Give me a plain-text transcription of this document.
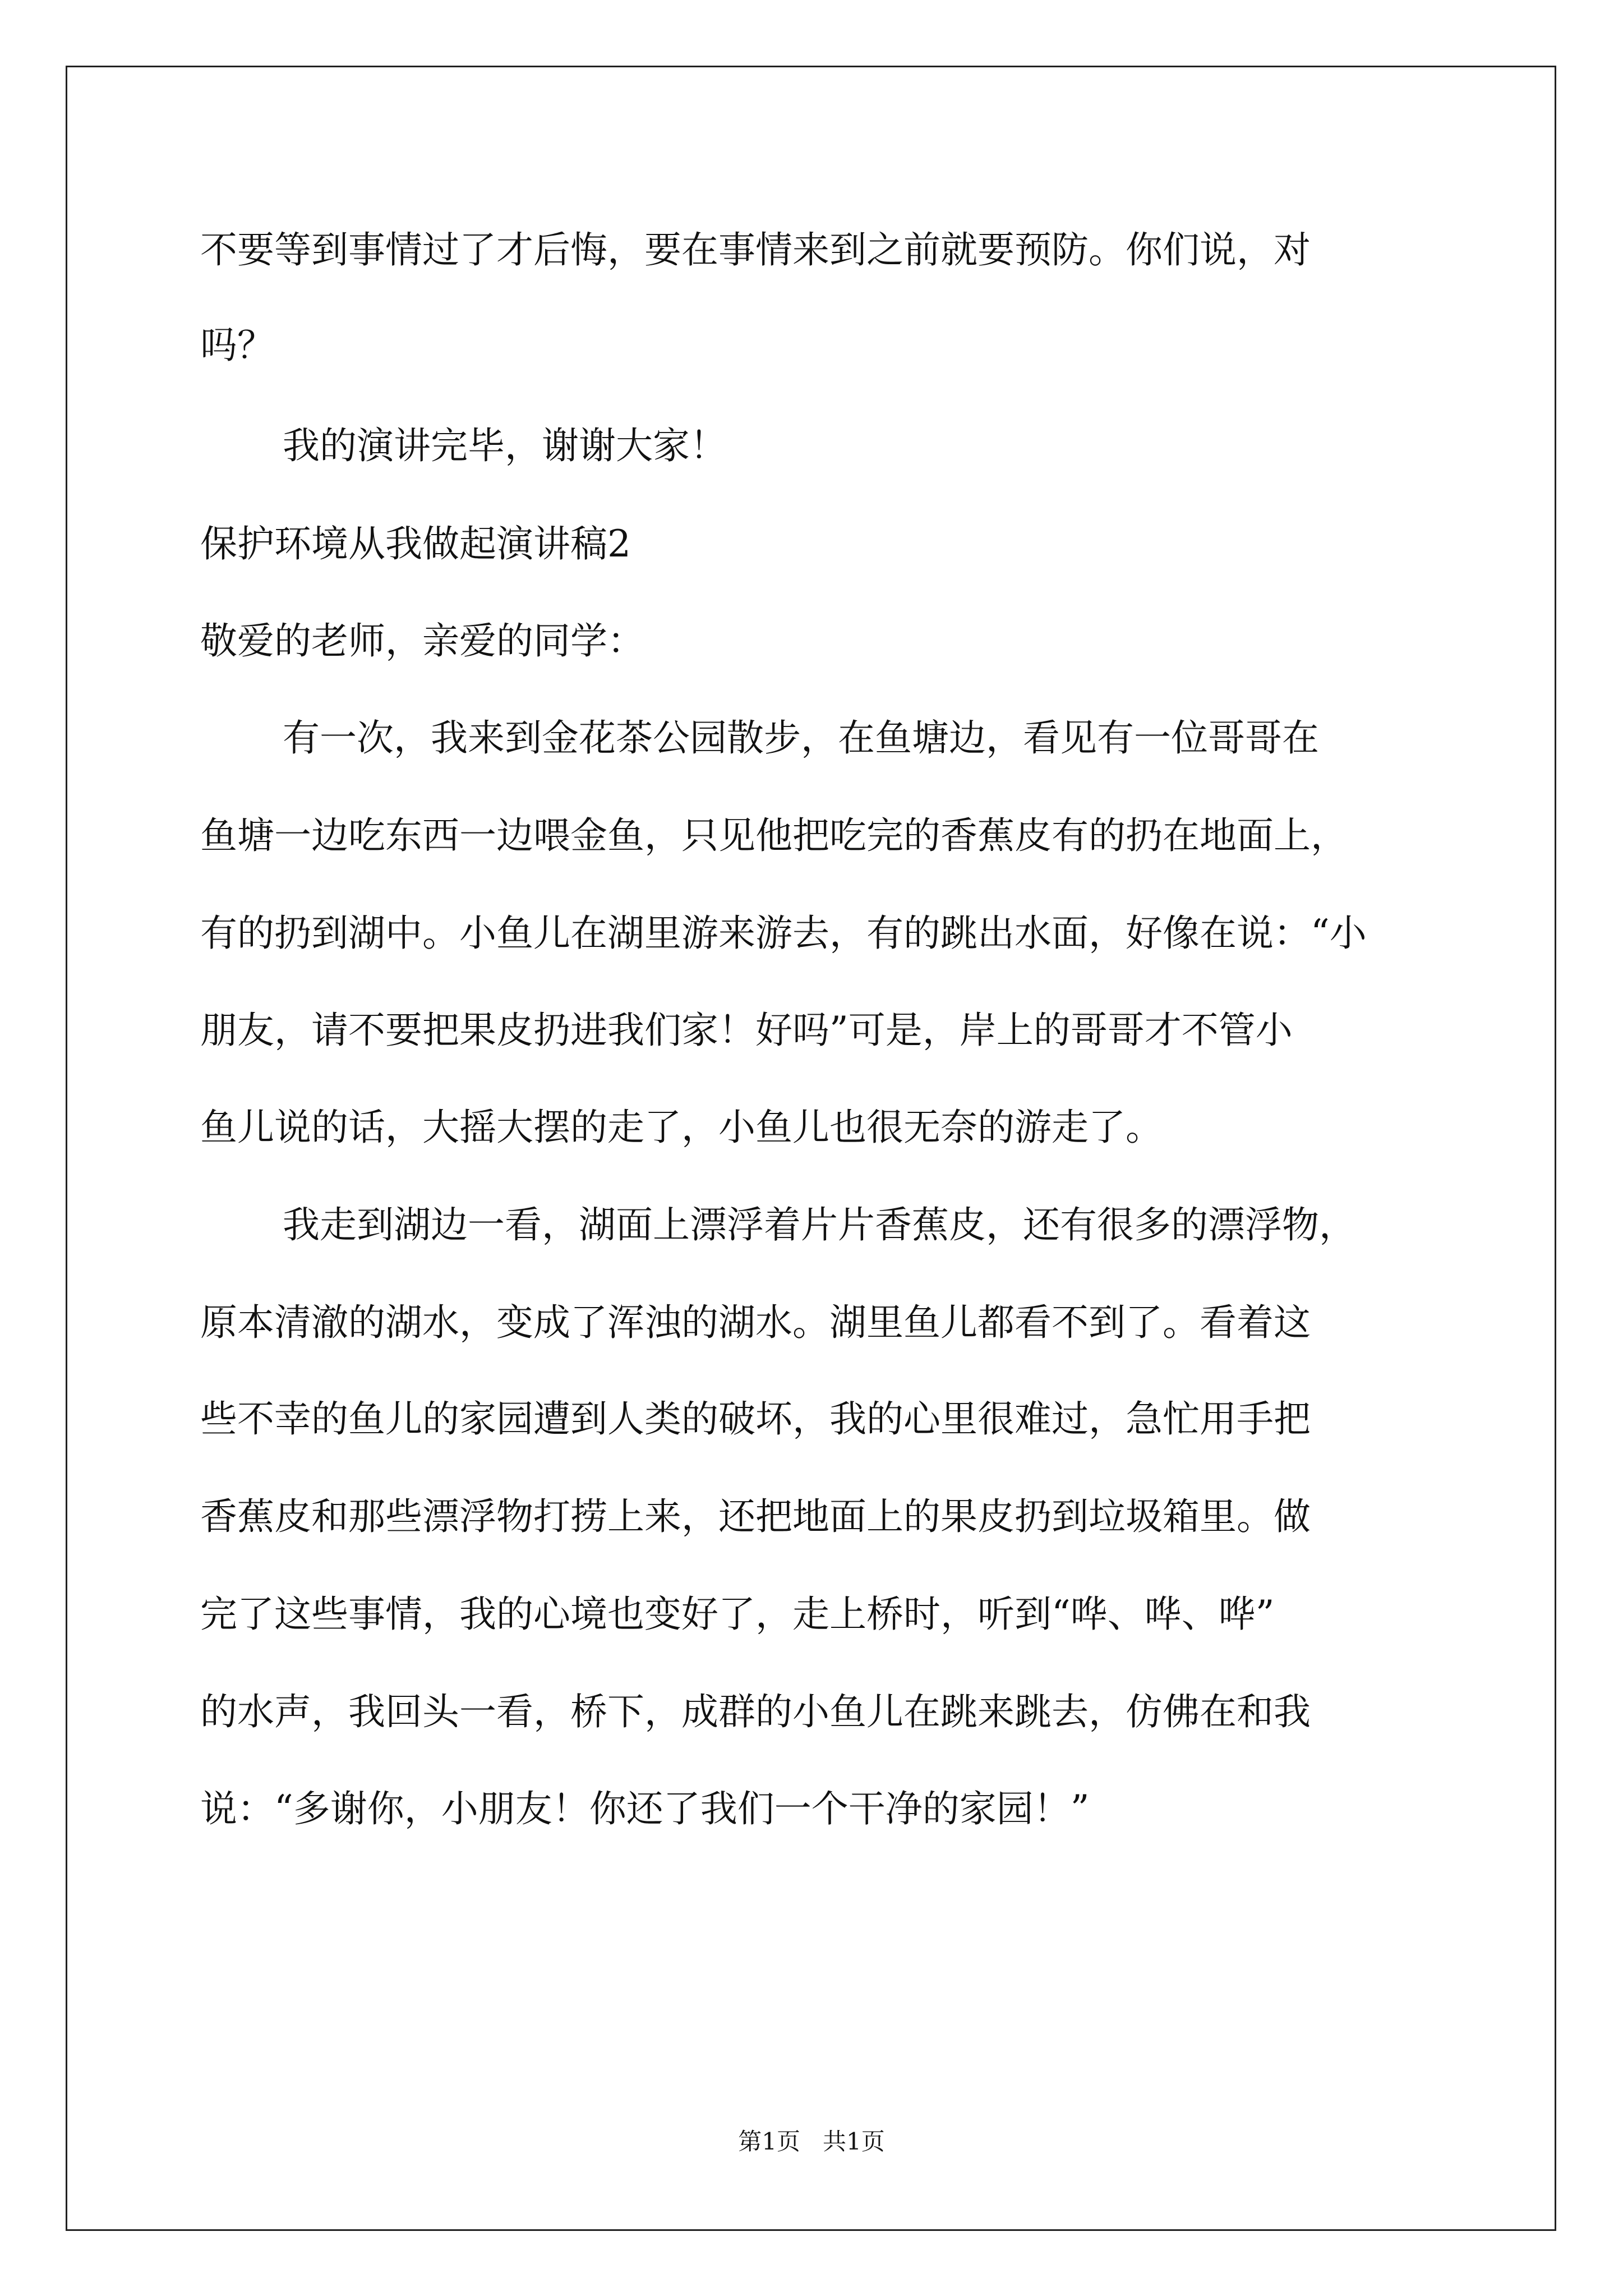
不要等到事情过了才后悔，要在事情来到之前就要预防。你们说，对
吗？
我的演讲完毕，谢谢大家！
保护环境从我做起演讲稿2
敬爱的老师，亲爱的同学：
有一次，我来到金花茶公园散步，在鱼塘边，看见有一位哥哥在
鱼塘一边吃东西一边喂金鱼，只见他把吃完的香蕉皮有的扔在地面上，
有的扔到湖中。小鱼儿在湖里游来游去，有的跳出水面，好像在说：“小
朋友，请不要把果皮扔进我们家！好吗”可是，岸上的哥哥才不管小
鱼儿说的话，大摇大摆的走了，小鱼儿也很无奈的游走了。
我走到湖边一看，湖面上漂浮着片片香蕉皮，还有很多的漂浮物，
原本清澈的湖水，变成了浑浊的湖水。湖里鱼儿都看不到了。看着这
些不幸的鱼儿的家园遭到人类的破坏，我的心里很难过，急忙用手把
香蕉皮和那些漂浮物打捞上来，还把地面上的果皮扔到垃圾箱里。做
完了这些事情，我的心境也变好了，走上桥时，听到“哗、哗、哗”
的水声，我回头一看，桥下，成群的小鱼儿在跳来跳去，仿佛在和我
说：“多谢你，小朋友！你还了我们一个干净的家园！”
第1页   共1页
